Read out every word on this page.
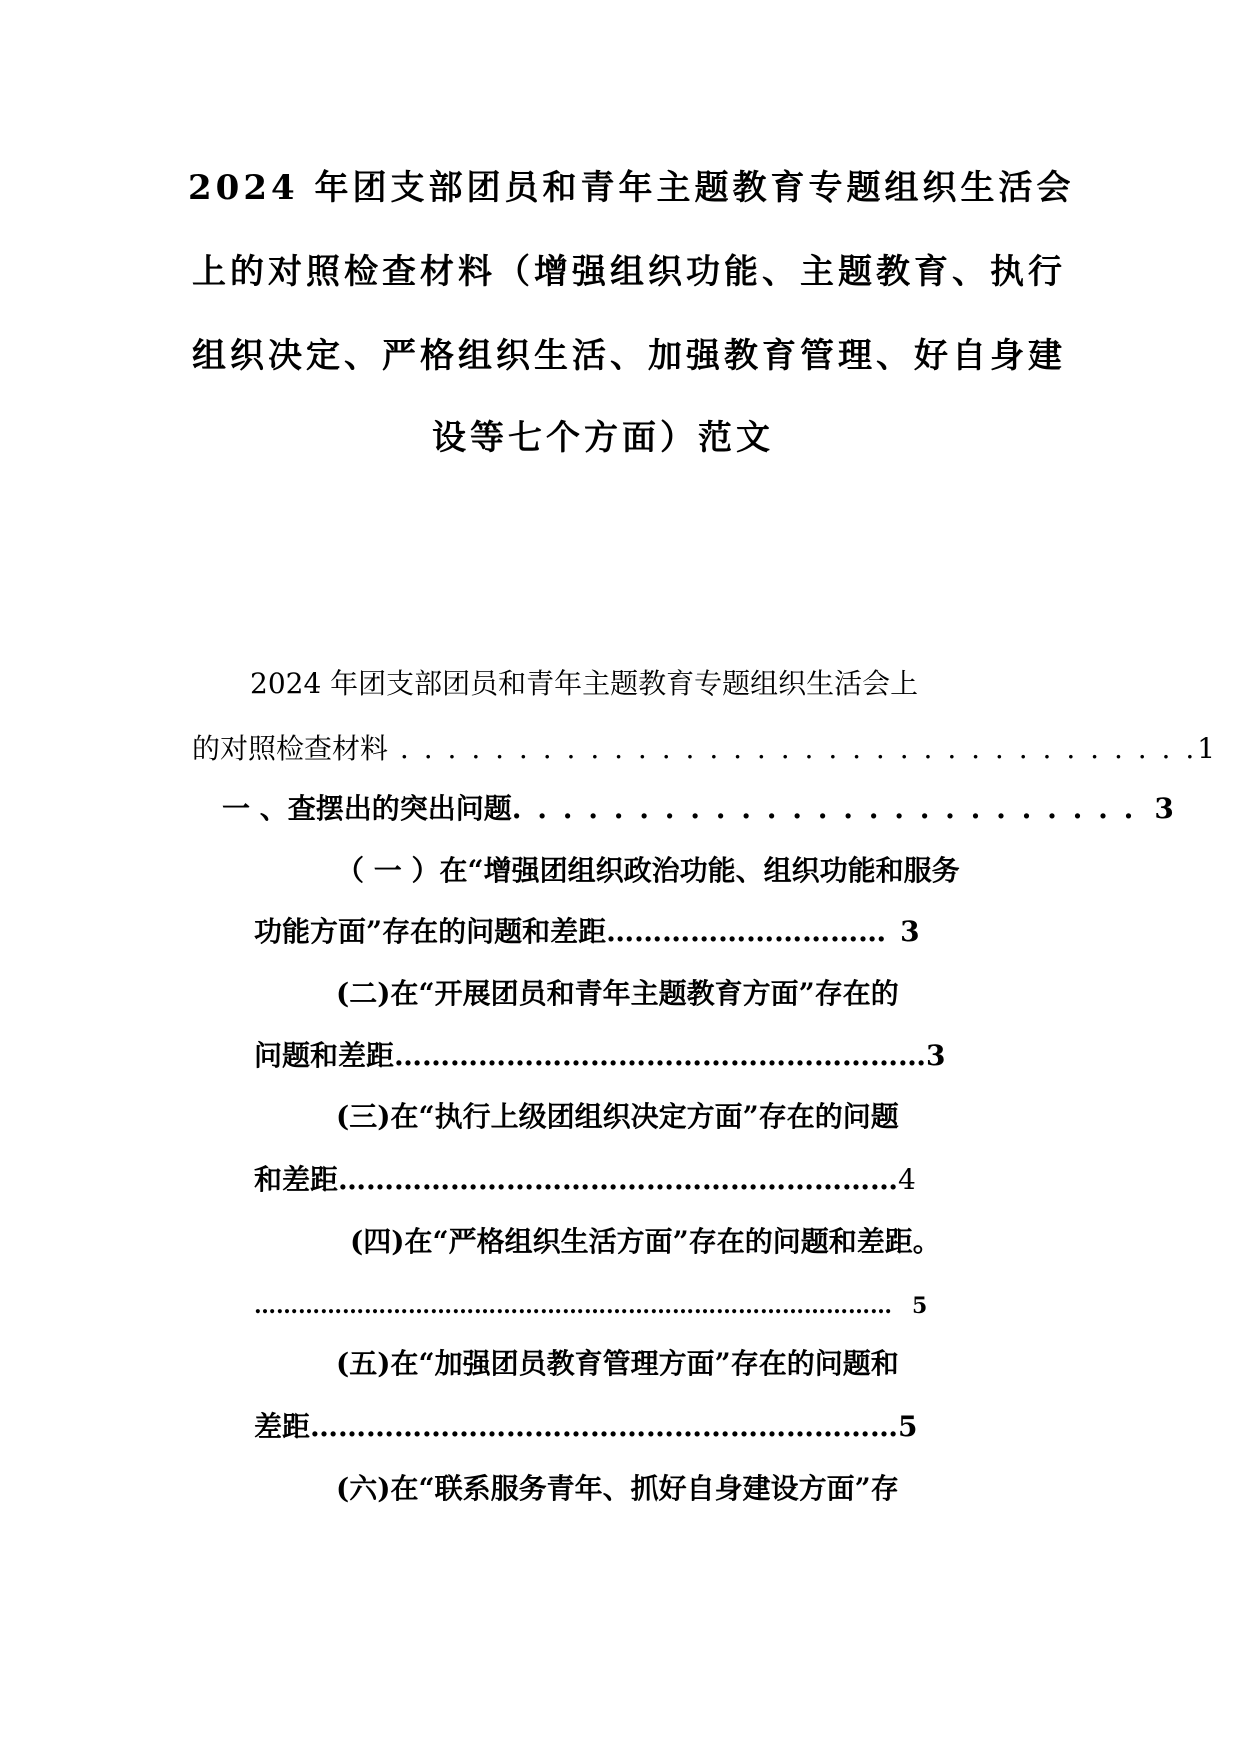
2024 年团支部团员和青年主题教育专题组织生活会
上的对照检查材料（增强组织功能、主题教育、执行
组织决定、严格组织生活、加强教育管理、好自身建
设等七个方面）范文
2024 年团支部团员和青年主题教育专题组织生活会上
的对照检查材料 . . . . . . . . . . . . . . . . . . . . . . . . . . . . . . . . . .1
一 、查摆出的突出问题. . . . . . . . . . . . . . . . . . . . . . . . . 3
（ 一 ）在“增强团组织政治功能、组织功能和服务
功能方面”存在的问题和差距………………………… 3
(二)在“开展团员和青年主题教育方面”存在的
问题和差距…………………………………………………3
(三)在“执行上级团组织决定方面”存在的问题
和差距……………………………………………………4
(四)在“严格组织生活方面”存在的问题和差距。
…………………………………………………………………………… 5
(五)在“加强团员教育管理方面”存在的问题和
差距………………………………………………………5
(六)在“联系服务青年、抓好自身建设方面”存
